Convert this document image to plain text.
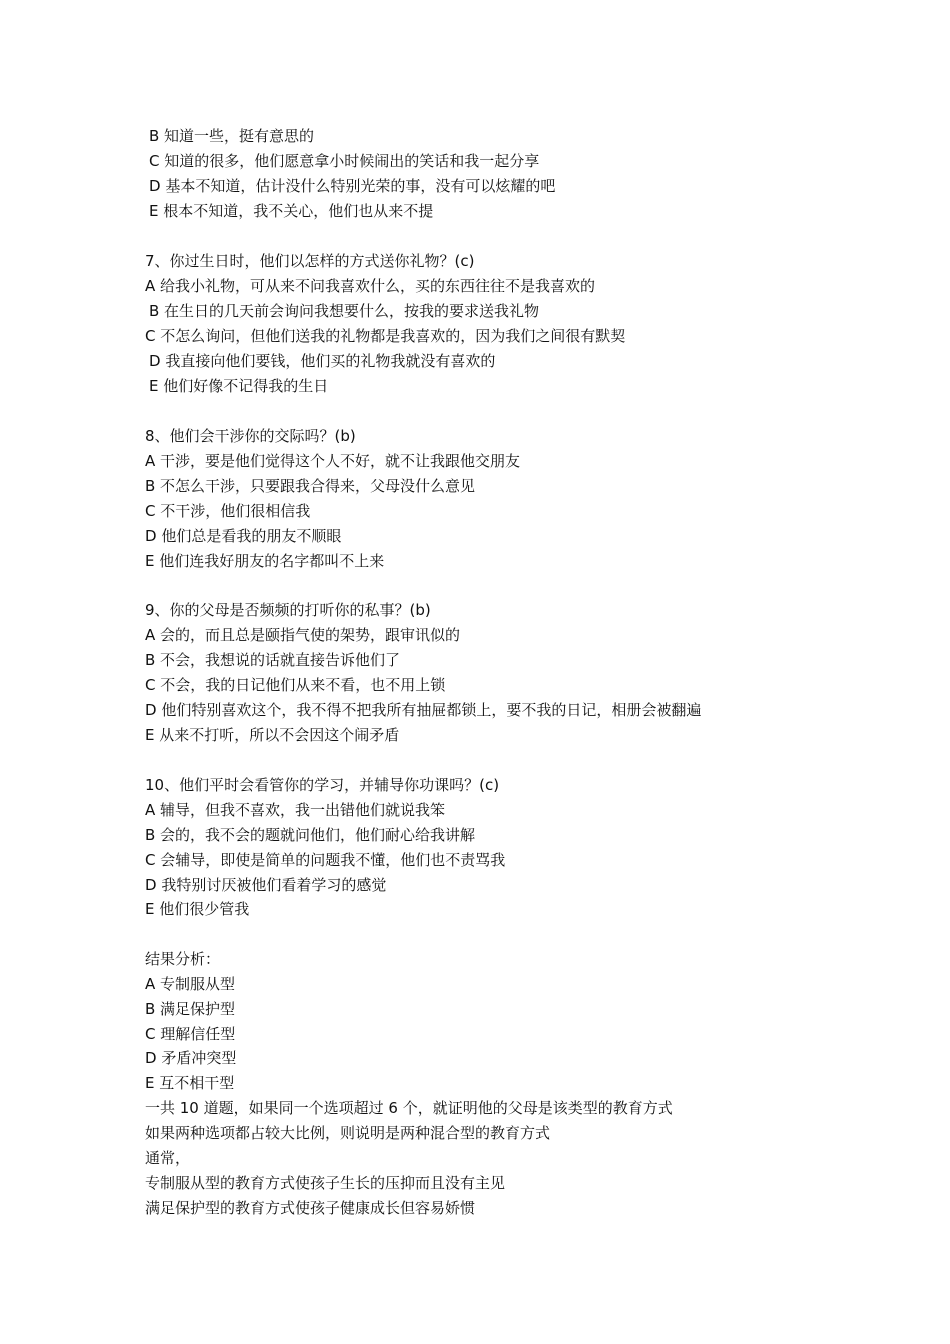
B 知道一些，挺有意思的
C 知道的很多，他们愿意拿小时候闹出的笑话和我一起分享
D 基本不知道，估计没什么特别光荣的事，没有可以炫耀的吧
E 根本不知道，我不关心，他们也从来不提
7、你过生日时，他们以怎样的方式送你礼物？(c)
A 给我小礼物，可从来不问我喜欢什么，买的东西往往不是我喜欢的
B 在生日的几天前会询问我想要什么，按我的要求送我礼物
C 不怎么询问，但他们送我的礼物都是我喜欢的，因为我们之间很有默契
D 我直接向他们要钱，他们买的礼物我就没有喜欢的
E 他们好像不记得我的生日
8、他们会干涉你的交际吗？(b)
A 干涉，要是他们觉得这个人不好，就不让我跟他交朋友
B 不怎么干涉，只要跟我合得来，父母没什么意见
C 不干涉，他们很相信我
D 他们总是看我的朋友不顺眼
E 他们连我好朋友的名字都叫不上来
9、你的父母是否频频的打听你的私事？(b)
A 会的，而且总是颐指气使的架势，跟审讯似的
B 不会，我想说的话就直接告诉他们了
C 不会，我的日记他们从来不看，也不用上锁
D 他们特别喜欢这个，我不得不把我所有抽屉都锁上，要不我的日记，相册会被翻遍
E 从来不打听，所以不会因这个闹矛盾
10、他们平时会看管你的学习，并辅导你功课吗？(c)
A 辅导，但我不喜欢，我一出错他们就说我笨
B 会的，我不会的题就问他们，他们耐心给我讲解
C 会辅导，即使是简单的问题我不懂，他们也不责骂我
D 我特别讨厌被他们看着学习的感觉
E 他们很少管我
结果分析：
A 专制服从型
B 满足保护型
C 理解信任型
D 矛盾冲突型
E 互不相干型
一共 10 道题，如果同一个选项超过 6 个，就证明他的父母是该类型的教育方式
如果两种选项都占较大比例，则说明是两种混合型的教育方式
通常，
专制服从型的教育方式使孩子生长的压抑而且没有主见
满足保护型的教育方式使孩子健康成长但容易娇惯
